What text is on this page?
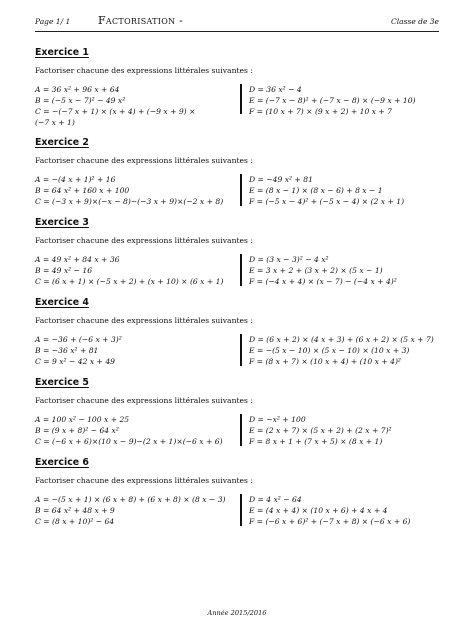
Page 1/ 1	Factorisation -	Classe de 3e
Exercice 1
Factoriser chacune des expressions littérales suivantes :
A = 36 x² + 96 x + 64
B = (−5 x − 7)² − 49 x²
C = −(−7 x + 1) × (x + 4) + (−9 x + 9) ×
(−7 x + 1)
D = 36 x² − 4
E = (−7 x − 8)² + (−7 x − 8) × (−9 x + 10)
F = (10 x + 7) × (9 x + 2) + 10 x + 7
Exercice 2
Factoriser chacune des expressions littérales suivantes :
A = −(4 x + 1)² + 16
B = 64 x² + 160 x + 100
C = (−3 x + 9)×(−x − 8)−(−3 x + 9)×(−2 x + 8)
D = −49 x² + 81
E = (8 x − 1) × (8 x − 6) + 8 x − 1
F = (−5 x − 4)² + (−5 x − 4) × (2 x + 1)
Exercice 3
Factoriser chacune des expressions littérales suivantes :
A = 49 x² + 84 x + 36
B = 49 x² − 16
C = (6 x + 1) × (−5 x + 2) + (x + 10) × (6 x + 1)
D = (3 x − 3)² − 4 x²
E = 3 x + 2 + (3 x + 2) × (5 x − 1)
F = (−4 x + 4) × (x − 7) − (−4 x + 4)²
Exercice 4
Factoriser chacune des expressions littérales suivantes :
A = −36 + (−6 x + 3)²
B = −36 x² + 81
C = 9 x² − 42 x + 49
D = (6 x + 2) × (4 x + 3) + (6 x + 2) × (5 x + 7)
E = −(5 x − 10) × (5 x − 10) × (10 x + 3)
F = (8 x + 7) × (10 x + 4) + (10 x + 4)²
Exercice 5
Factoriser chacune des expressions littérales suivantes :
A = 100 x² − 100 x + 25
B = (9 x + 8)² − 64 x²
C = (−6 x + 6)×(10 x − 9)−(2 x + 1)×(−6 x + 6)
D = −x² + 100
E = (2 x + 7) × (5 x + 2) + (2 x + 7)²
F = 8 x + 1 + (7 x + 5) × (8 x + 1)
Exercice 6
Factoriser chacune des expressions littérales suivantes :
A = −(5 x + 1) × (6 x + 8) + (6 x + 8) × (8 x − 3)
B = 64 x² + 48 x + 9
C = (8 x + 10)² − 64
D = 4 x² − 64
E = (4 x + 4) × (10 x + 6) + 4 x + 4
F = (−6 x + 6)² + (−7 x + 8) × (−6 x + 6)
Année 2015/2016
